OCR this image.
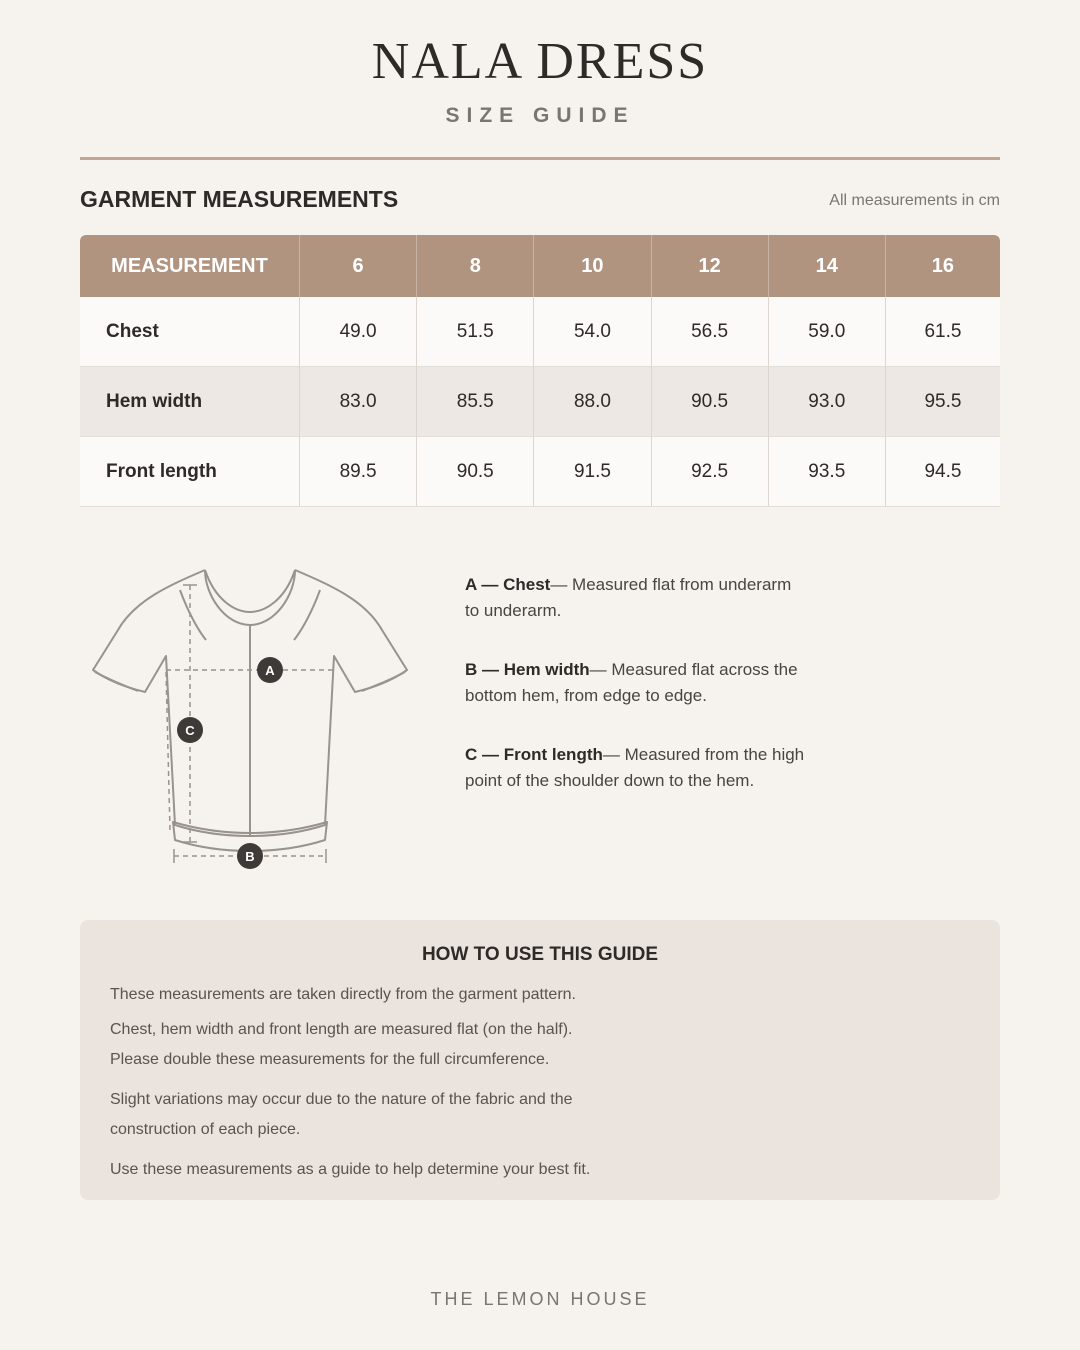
NALA DRESS
SIZE GUIDE
GARMENT MEASUREMENTS	All measurements in cm
MEASUREMENT	6	8	10	12	14	16
Chest	49.0	51.5	54.0	56.5	59.0	61.5
Hem width	83.0	85.5	88.0	90.5	93.0	95.5
Front length	89.5	90.5	91.5	92.5	93.5	94.5
A
C
B
A — Chest— Measured flat from underarm
to underarm.
B — Hem width— Measured flat across the
bottom hem, from edge to edge.
C — Front length— Measured from the high
point of the shoulder down to the hem.
HOW TO USE THIS GUIDE
These measurements are taken directly from the garment pattern.
Chest, hem width and front length are measured flat (on the half).
Please double these measurements for the full circumference.
Slight variations may occur due to the nature of the fabric and the
construction of each piece.
Use these measurements as a guide to help determine your best fit.
THE LEMON HOUSE
